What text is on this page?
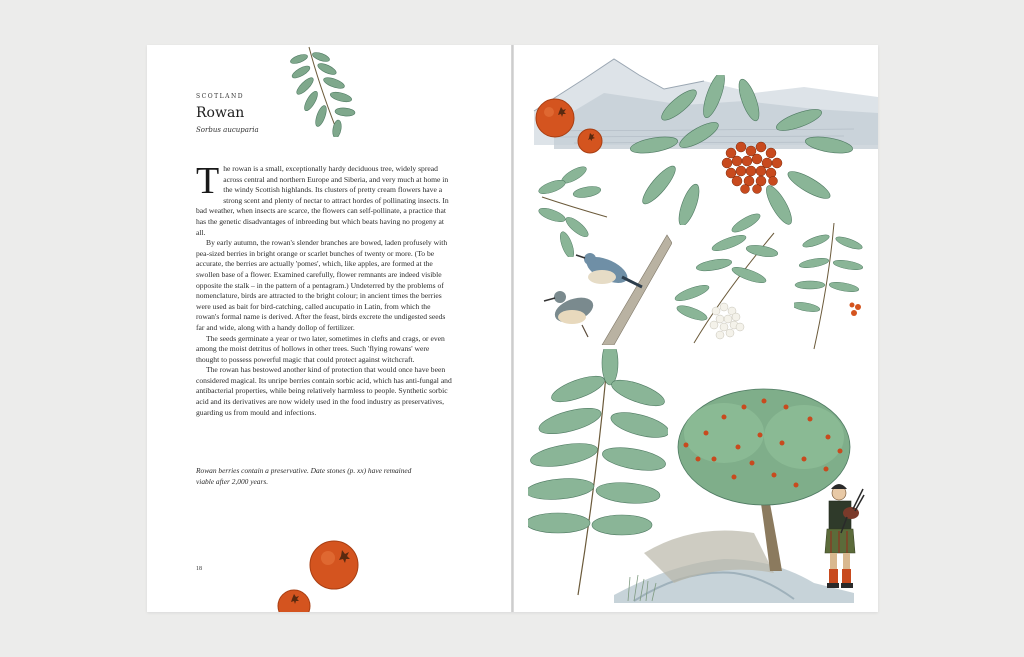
SCOTLAND
Rowan
Sorbus aucuparia

The rowan is a small, exceptionally hardy deciduous tree, widely spread across central and northern Europe and Siberia, and very much at home in the windy Scottish highlands. Its clusters of pretty cream flowers have a strong scent and plenty of nectar to attract hordes of pollinating insects. In bad weather, when insects are scarce, the flowers can self-pollinate, a practice that has the genetic disadvantages of inbreeding but which beats having no progeny at all.

By early autumn, the rowan's slender branches are bowed, laden profusely with pea-sized berries in bright orange or scarlet bunches of twenty or more. (To be accurate, the berries are actually 'pomes', which, like apples, are formed at the swollen base of a flower. Examined carefully, flower remnants are indeed visible opposite the stalk – in the pattern of a pentagram.) Undeterred by the problems of nomenclature, birds are attracted to the bright colour; in ancient times the berries were used as bait for bird-catching, called aucupatio in Latin, from which the rowan's formal name is derived. After the feast, birds excrete the undigested seeds far and wide, along with a handy dollop of fertilizer.

The seeds germinate a year or two later, sometimes in clefts and crags, or even among the moist detritus of hollows in other trees. Such 'flying rowans' were thought to possess powerful magic that could protect against witchcraft.

The rowan has bestowed another kind of protection that would once have been considered magical. Its unripe berries contain sorbic acid, which has anti-fungal and antibacterial properties, while being relatively harmless to people. Synthetic sorbic acid and its derivatives are now widely used in the food industry as preservatives, guarding us from mould and infections.

Rowan berries contain a preservative. Date stones (p. xx) have remained viable after 2,000 years.
18
